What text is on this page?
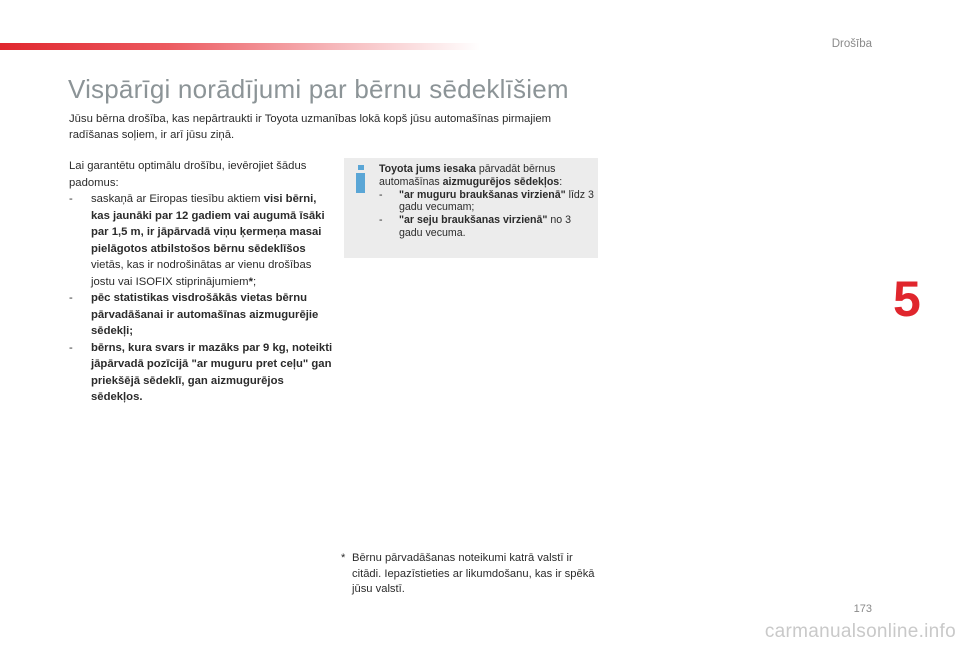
Drošība
Vispārīgi norādījumi par bērnu sēdeklīšiem
Jūsu bērna drošība, kas nepārtraukti ir Toyota uzmanības lokā kopš jūsu automašīnas pirmajiem radīšanas soļiem, ir arī jūsu ziņā.

Lai garantētu optimālu drošību, ievērojiet šādus padomus:

-	saskaņā ar Eiropas tiesību aktiem visi bērni, kas jaunāki par 12 gadiem vai augumā īsāki par 1,5 m, ir jāpārvadā viņu ķermeņa masai pielāgotos atbilstošos bērnu sēdeklīšos vietās, kas ir nodrošinātas ar vienu drošības jostu vai ISOFIX stiprinājumiem*;
-	pēc statistikas visdrošākās vietas bērnu pārvadāšanai ir automašīnas aizmugurējie sēdekļi;
-	bērns, kura svars ir mazāks par 9 kg, noteikti jāpārvadā pozīcijā "ar muguru pret ceļu" gan priekšējā sēdeklī, gan aizmugurējos sēdekļos.

Toyota jums iesaka pārvadāt bērnus automašīnas aizmugurējos sēdekļos:

-	"ar muguru braukšanas virzienā" līdz 3 gadu vecumam;
-	"ar seju braukšanas virzienā" no 3 gadu vecuma.
5
* Bērnu pārvadāšanas noteikumi katrā valstī ir citādi. Iepazīstieties ar likumdošanu, kas ir spēkā jūsu valstī.
173
carmanualsonline.info
